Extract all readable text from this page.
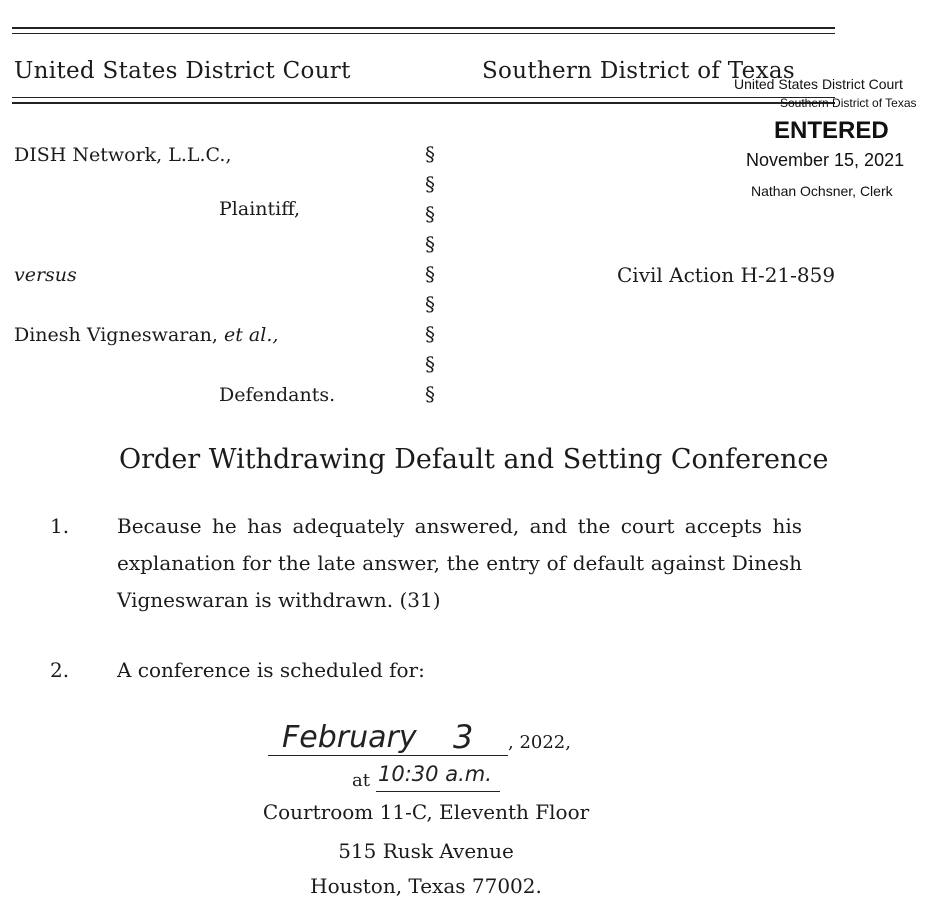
United States District Court	Southern District of Texas
United States District Court
Southern District of Texas
ENTERED
November 15, 2021
Nathan Ochsner, Clerk
DISH Network, L.L.C.,
Plaintiff,
versus
Dinesh Vigneswaran, et al.,
Defendants.
§
§
§
§
§
§
§
§
§
Civil Action H-21-859
Order Withdrawing Default and Setting Conference
1. Because he has adequately answered, and the court accepts his explanation for the late answer, the entry of default against Dinesh Vigneswaran is withdrawn. (31)
2. A conference is scheduled for:
February 3 , 2022,
at 10:30 a.m.
Courtroom 11-C, Eleventh Floor
515 Rusk Avenue
Houston, Texas 77002.
